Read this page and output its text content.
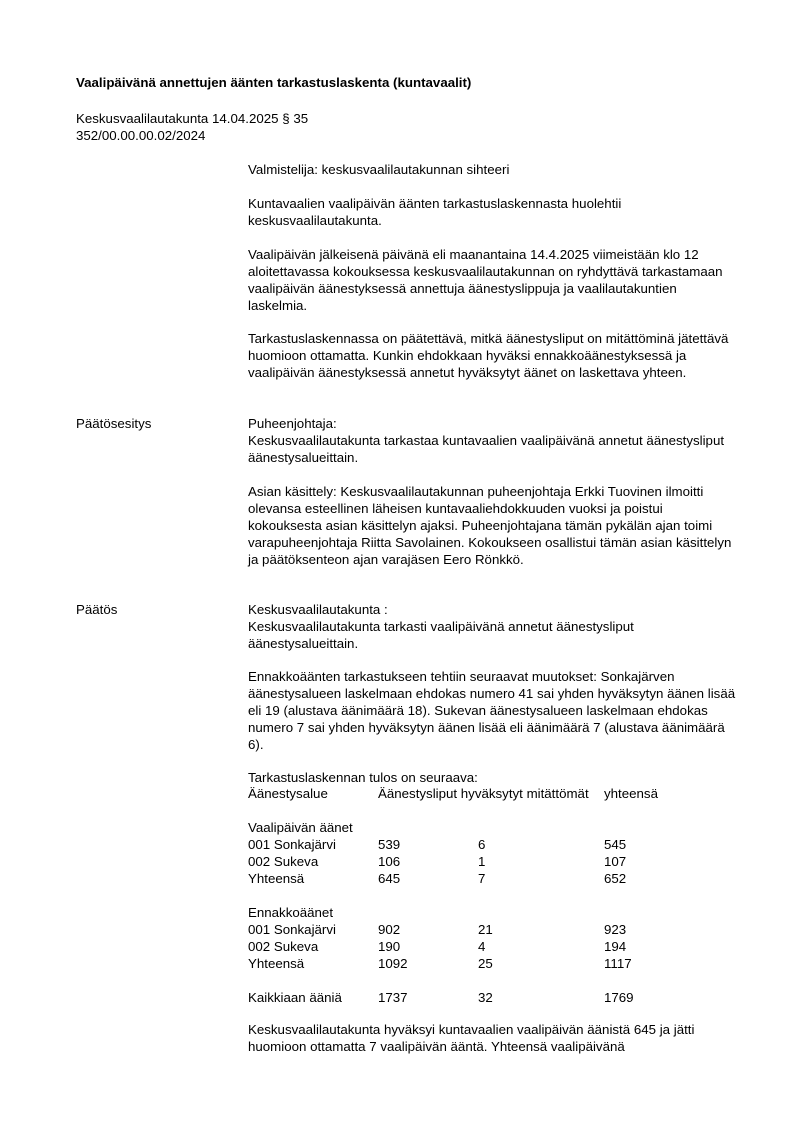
Vaalipäivänä annettujen äänten tarkastuslaskenta (kuntavaalit)
Keskusvaalilautakunta 14.04.2025 § 35
352/00.00.00.02/2024
Valmistelija: keskusvaalilautakunnan sihteeri

Kuntavaalien vaalipäivän äänten tarkastuslaskennasta huolehtii keskusvaalilautakunta.

Vaalipäivän jälkeisenä päivänä eli maanantaina 14.4.2025 viimeistään klo 12 aloitettavassa kokouksessa keskusvaalilautakunnan on ryhdyttävä tarkastamaan vaalipäivän äänestyksessä annettuja äänestyslippuja ja vaalilautakuntien laskelmia.

Tarkastuslaskennassa on päätettävä, mitkä äänestysliput on mitättöminä jätettävä huomioon ottamatta. Kunkin ehdokkaan hyväksi ennakkoäänestyksessä ja vaalipäivän äänestyksessä annetut hyväksytyt äänet on laskettava yhteen.

Päätösesitys	Puheenjohtaja:

Keskusvaalilautakunta tarkastaa kuntavaalien vaalipäivänä annetut äänestysliput äänestysalueittain.

Asian käsittely: Keskusvaalilautakunnan puheenjohtaja Erkki Tuovinen ilmoitti olevansa esteellinen läheisen kuntavaaliehdokkuuden vuoksi ja poistui kokouksesta asian käsittelyn ajaksi. Puheenjohtajana tämän pykälän ajan toimi varapuheenjohtaja Riitta Savolainen. Kokoukseen osallistui tämän asian käsittelyn ja päätöksenteon ajan varajäsen Eero Rönkkö.

Päätös	Keskusvaalilautakunta :

Keskusvaalilautakunta tarkasti vaalipäivänä annetut äänestysliput äänestysalueittain.

Ennakkoäänten tarkastukseen tehtiin seuraavat muutokset: Sonkajärven äänestysalueen laskelmaan ehdokas numero 41 sai yhden hyväksytyn äänen lisää eli 19 (alustava äänimäärä 18). Sukevan äänestysalueen laskelmaan ehdokas numero 7 sai yhden hyväksytyn äänen lisää eli äänimäärä 7 (alustava äänimäärä 6).

Tarkastuslaskennan tulos on seuraava:
Äänestysalue	Äänestysliput hyväksytyt mitättömät		yhteensä
Vaalipäivän äänet			
001 Sonkajärvi	539	6	545
002 Sukeva	106	1	107
Yhteensä	645	7	652
Ennakkoäänet			
001 Sonkajärvi	902	21	923
002 Sukeva	190	4	194
Yhteensä	1092	25	1117
Kaikkiaan ääniä	1737	32	1769

Keskusvaalilautakunta hyväksyi kuntavaalien vaalipäivän äänistä 645 ja jätti huomioon ottamatta 7 vaalipäivän ääntä. Yhteensä vaalipäivänä
